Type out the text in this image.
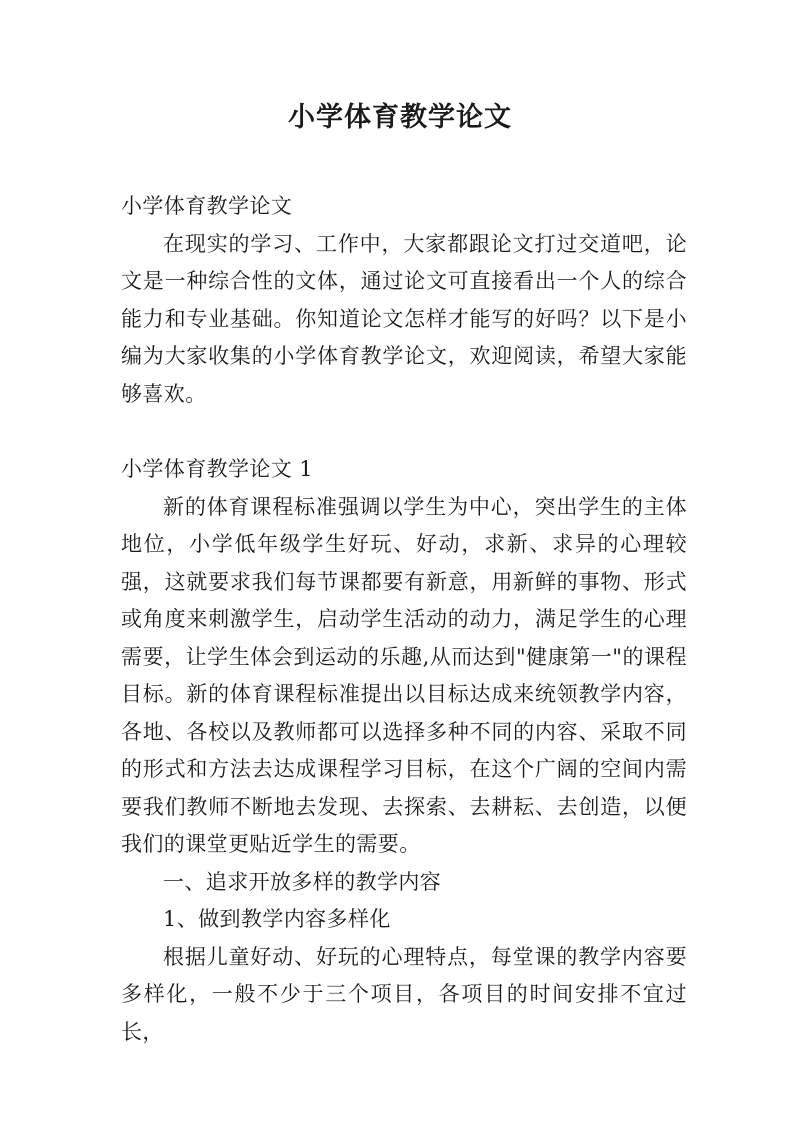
小学体育教学论文

小学体育教学论文

在现实的学习、工作中，大家都跟论文打过交道吧，论文是一种综合性的文体，通过论文可直接看出一个人的综合能力和专业基础。你知道论文怎样才能写的好吗？以下是小编为大家收集的小学体育教学论文，欢迎阅读，希望大家能够喜欢。

小学体育教学论文 1

新的体育课程标准强调以学生为中心，突出学生的主体地位，小学低年级学生好玩、好动，求新、求异的心理较强，这就要求我们每节课都要有新意，用新鲜的事物、形式或角度来刺激学生，启动学生活动的动力，满足学生的心理需要，让学生体会到运动的乐趣,从而达到"健康第一"的课程目标。新的体育课程标准提出以目标达成来统领教学内容，各地、各校以及教师都可以选择多种不同的内容、采取不同的形式和方法去达成课程学习目标，在这个广阔的空间内需要我们教师不断地去发现、去探索、去耕耘、去创造，以便我们的课堂更贴近学生的需要。

一、追求开放多样的教学内容

1、做到教学内容多样化

根据儿童好动、好玩的心理特点，每堂课的教学内容要多样化，一般不少于三个项目，各项目的时间安排不宜过长，
